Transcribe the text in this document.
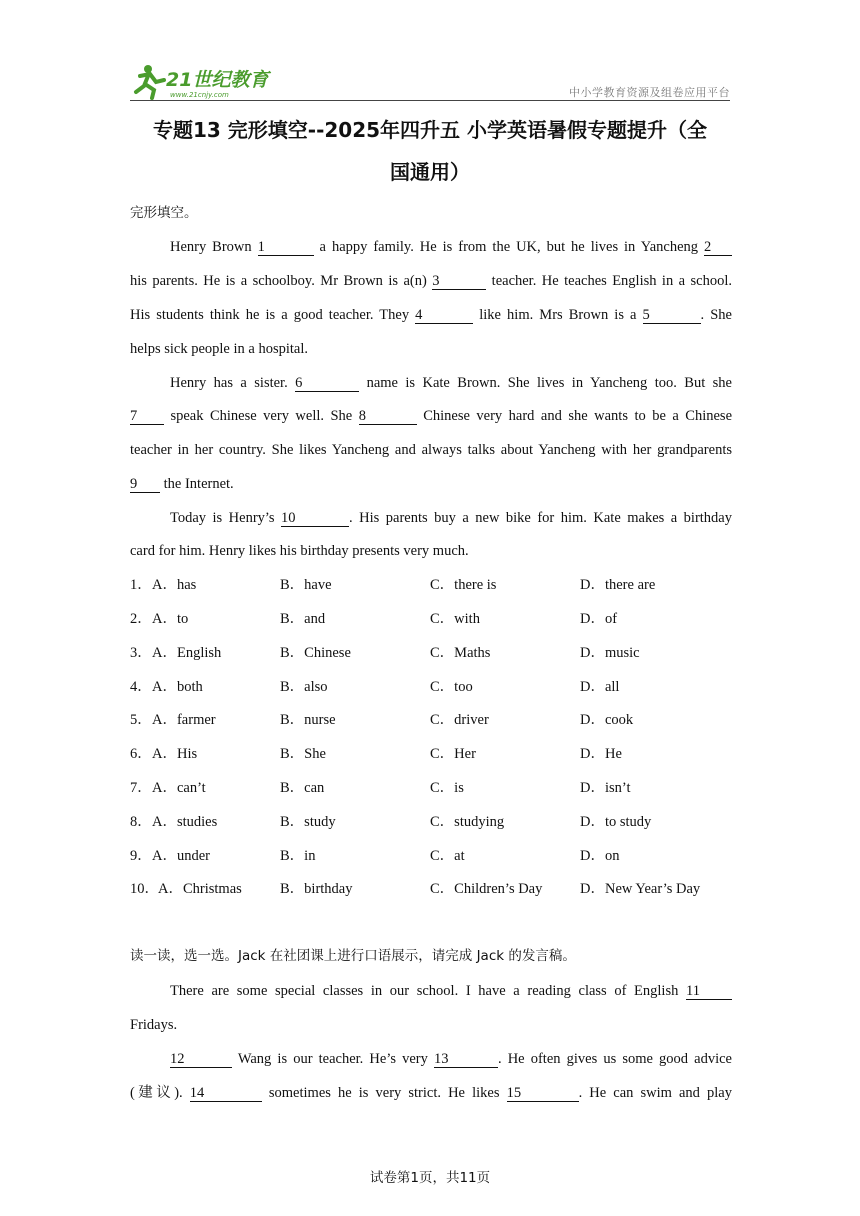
21世纪教育
www.21cnjy.com	中小学教育资源及组卷应用平台
专题13 完形填空--2025年四升五 小学英语暑假专题提升（全
国通用）
完形填空。
Henry Brown 1	a happy family. He is from the UK, but he lives in Yancheng 2
his parents. He is a schoolboy. Mr Brown is a(n) 3	teacher. He teaches English in a school.
His students think he is a good teacher. They 4	like him. Mrs Brown is a 5	. She
helps sick people in a hospital.
Henry has a sister. 6	name is Kate Brown. She lives in Yancheng too. But she
7 speak Chinese very well. She 8	Chinese very hard and she wants to be a Chinese
teacher in her country. She likes Yancheng and always talks about Yancheng with her grandparents
9 the Internet.
Today is Henry’s 10	. His parents buy a new bike for him. Kate makes a birthday
card for him. Henry likes his birthday presents very much.
1． A．has	B．have	C．there is	D．there are
2． A．to	B．and	C．with	D．of
3． A．English	B．Chinese	C．Maths	D．music
4． A．both	B．also	C．too	D．all
5． A．farmer	B．nurse	C．driver	D．cook
6． A．His	B．She	C．Her	D．He
7． A．can’t	B．can	C．is	D．isn’t
8． A．studies	B．study	C．studying	D．to study
9． A．under	B．in	C．at	D．on
10． A．Christmas	B．birthday	C．Children’s Day	D．New Year’s Day
读一读，选一选。Jack 在社团课上进行口语展示，请完成 Jack 的发言稿。
There are some special classes in our school. I have a reading class of English 11
Fridays.
12	Wang is our teacher. He’s very 13	. He often gives us some good advice
(建议). 14	sometimes he is very strict. He likes 15	. He can swim and play
试卷第1页，共11页
